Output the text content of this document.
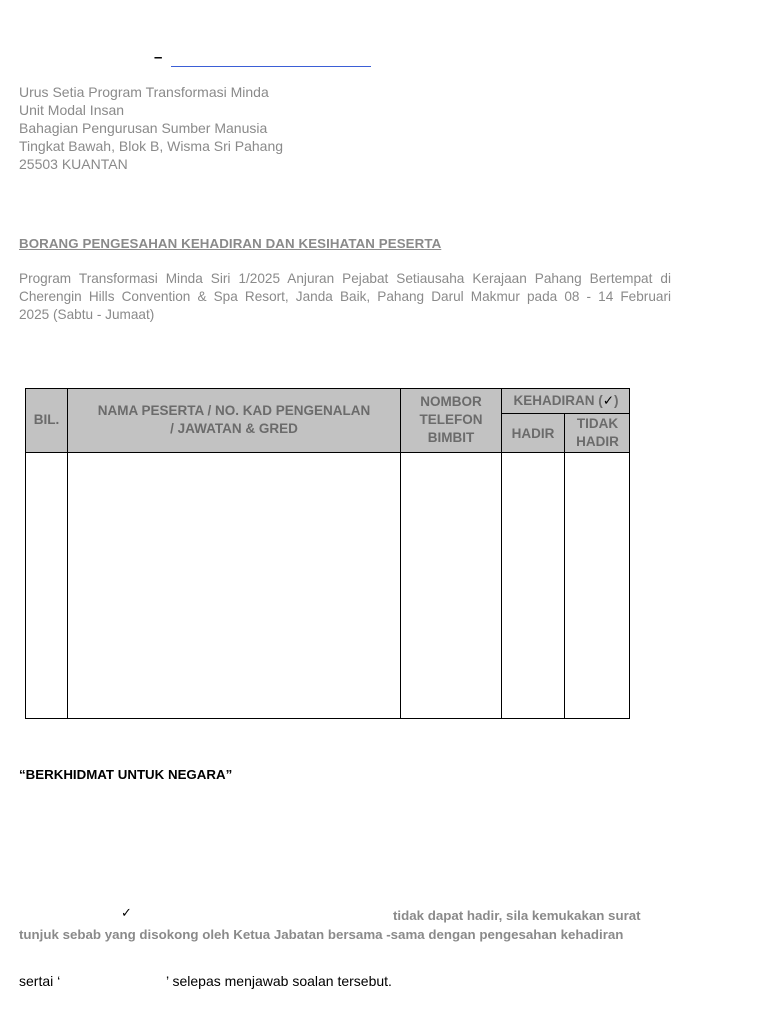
–
Urus Setia Program Transformasi Minda
Unit Modal Insan
Bahagian Pengurusan Sumber Manusia
Tingkat Bawah, Blok B, Wisma Sri Pahang
25503 KUANTAN
BORANG PENGESAHAN KEHADIRAN DAN KESIHATAN PESERTA
Program Transformasi Minda Siri 1/2025 Anjuran Pejabat Setiausaha Kerajaan Pahang Bertempat di
Cherengin Hills Convention & Spa Resort, Janda Baik, Pahang Darul Makmur pada 08 - 14 Februari
2025 (Sabtu - Jumaat)
BIL.
NAMA PESERTA / NO. KAD PENGENALAN
/ JAWATAN & GRED
NOMBOR
TELEFON
BIMBIT
KEHADIRAN (✓)
HADIR
TIDAK
HADIR
“BERKHIDMAT UNTUK NEGARA”
✓	tidak dapat hadir, sila kemukakan surat
tunjuk sebab yang disokong oleh Ketua Jabatan bersama -sama dengan pengesahan kehadiran
sertai ‘	’ selepas menjawab soalan tersebut.
